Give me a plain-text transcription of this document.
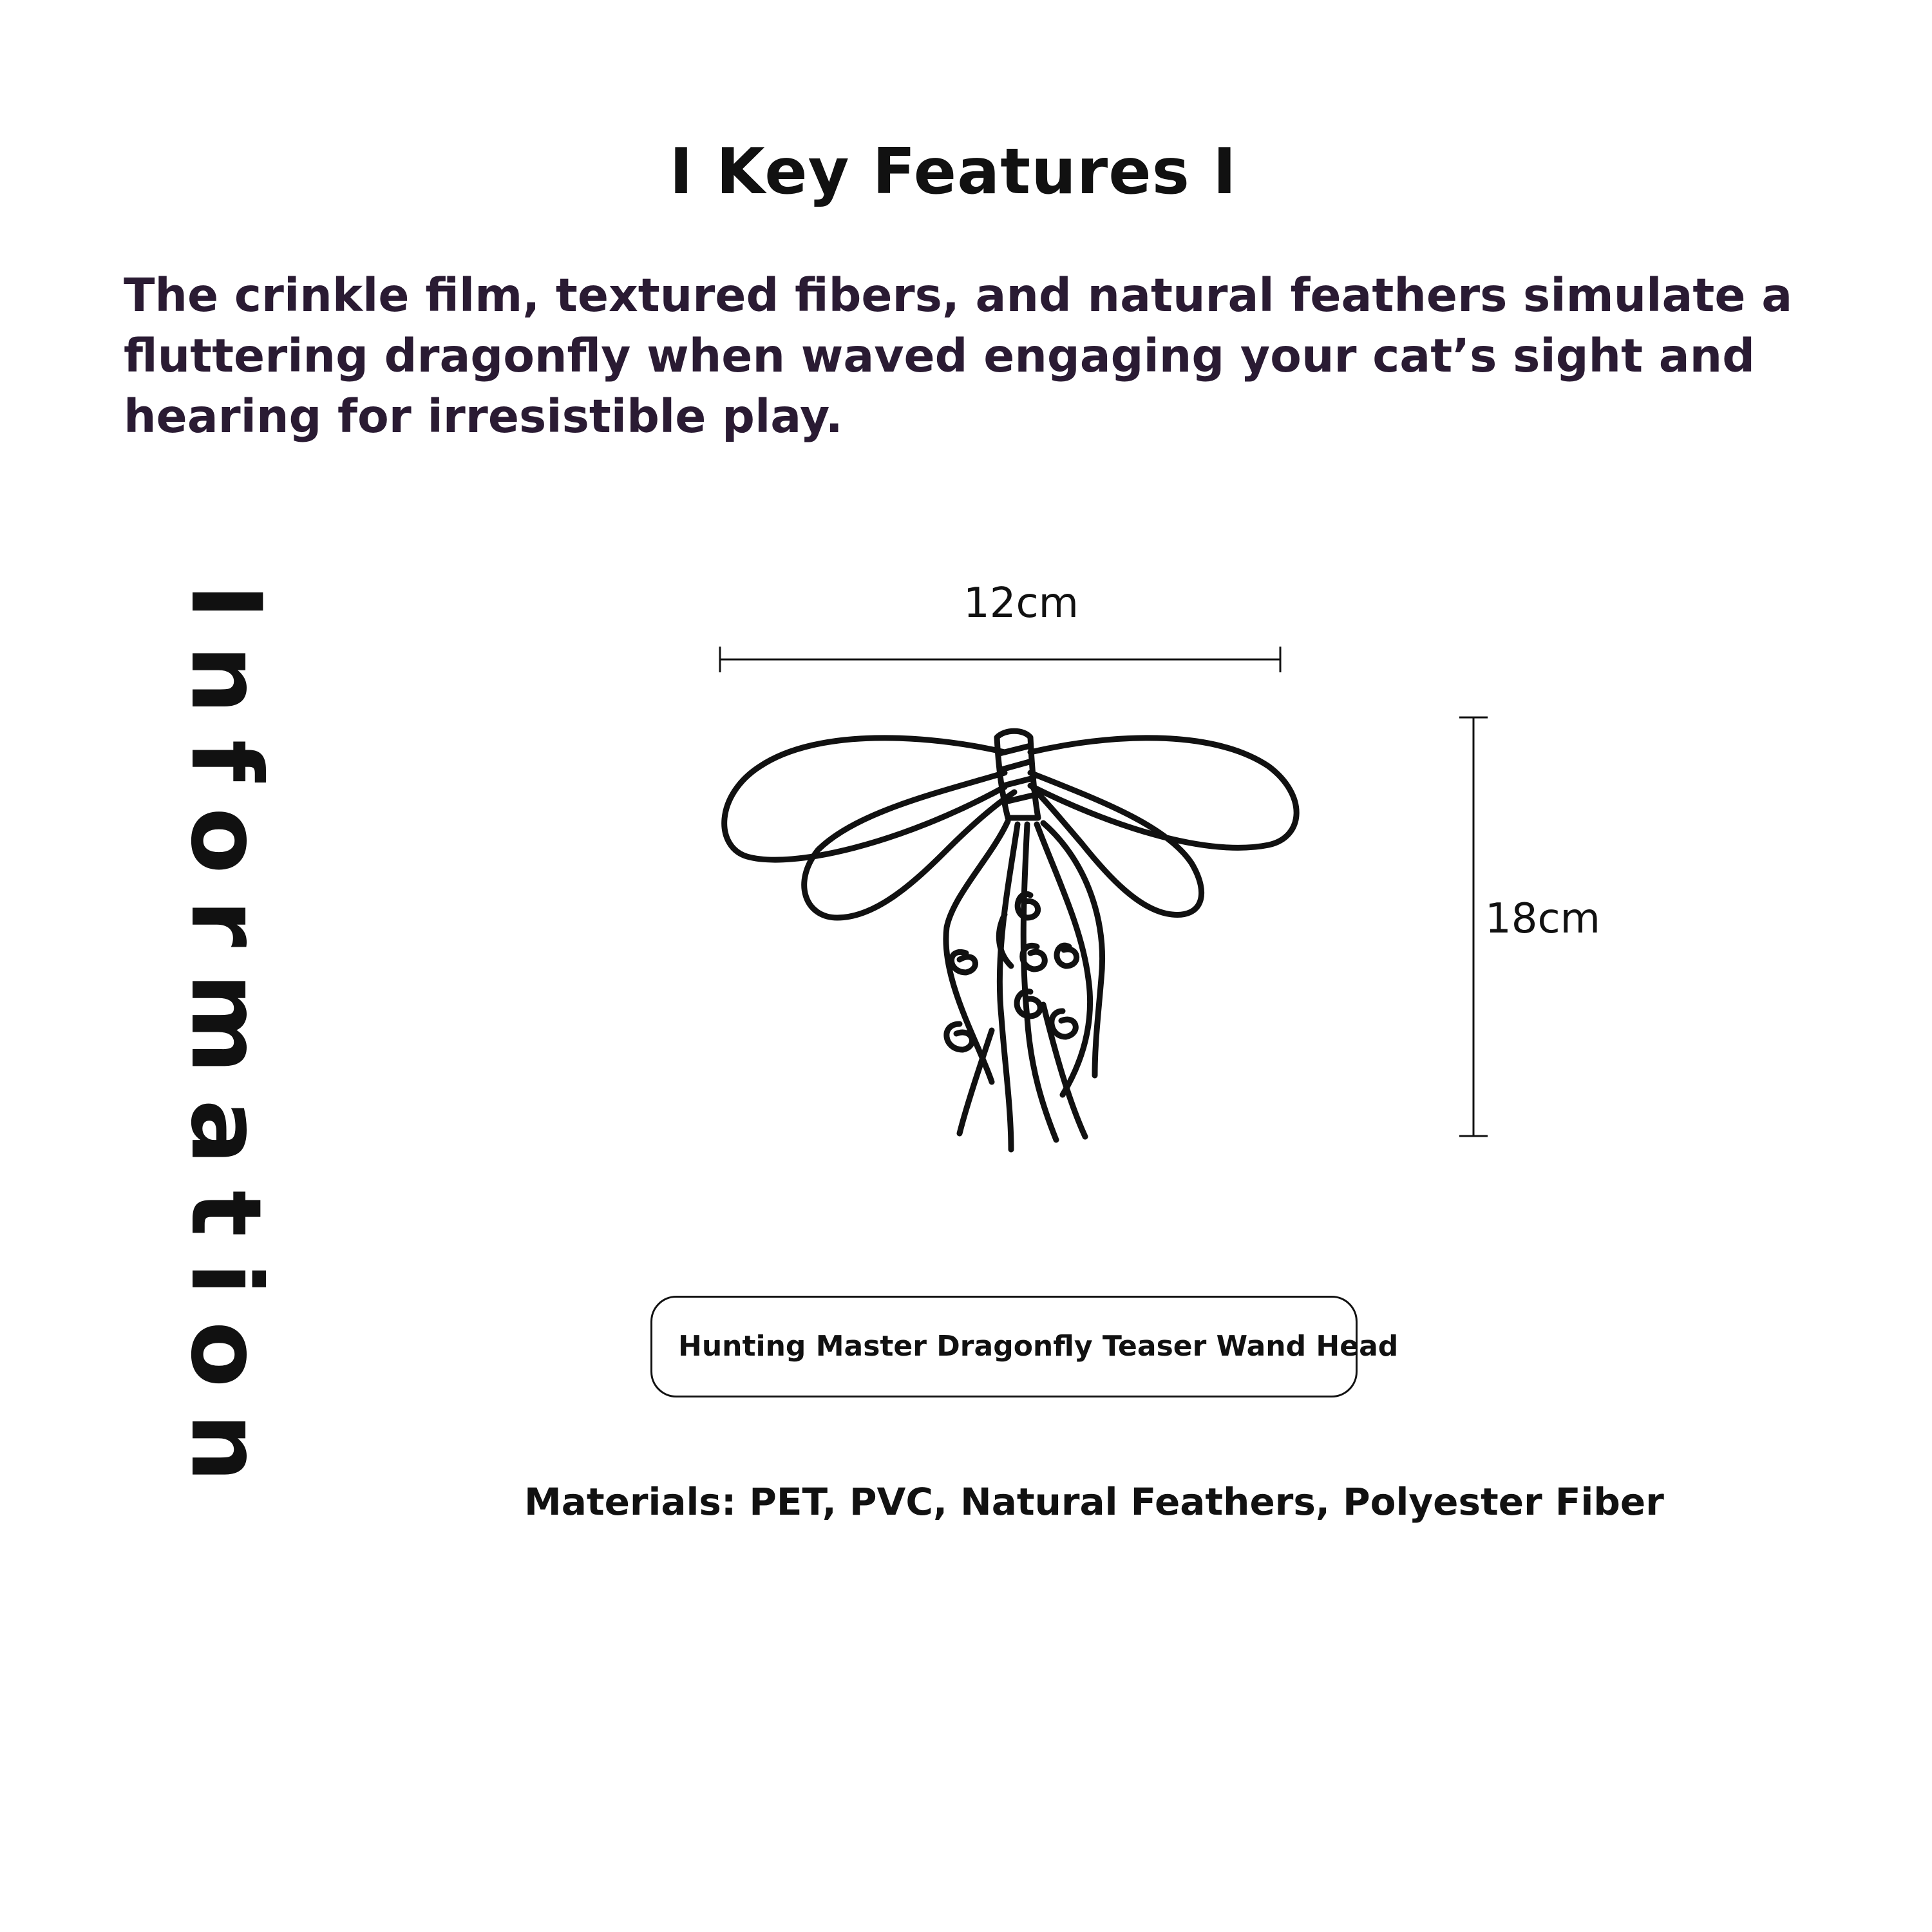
I Key Features I
The crinkle film, textured fibers, and natural feathers simulate a fluttering dragonfly when waved engaging your cat’s sight and hearing for irresistible play.
Information	12cm
18cm
Hunting Master Dragonfly Teaser Wand Head
Materials: PET, PVC, Natural Feathers, Polyester Fiber
